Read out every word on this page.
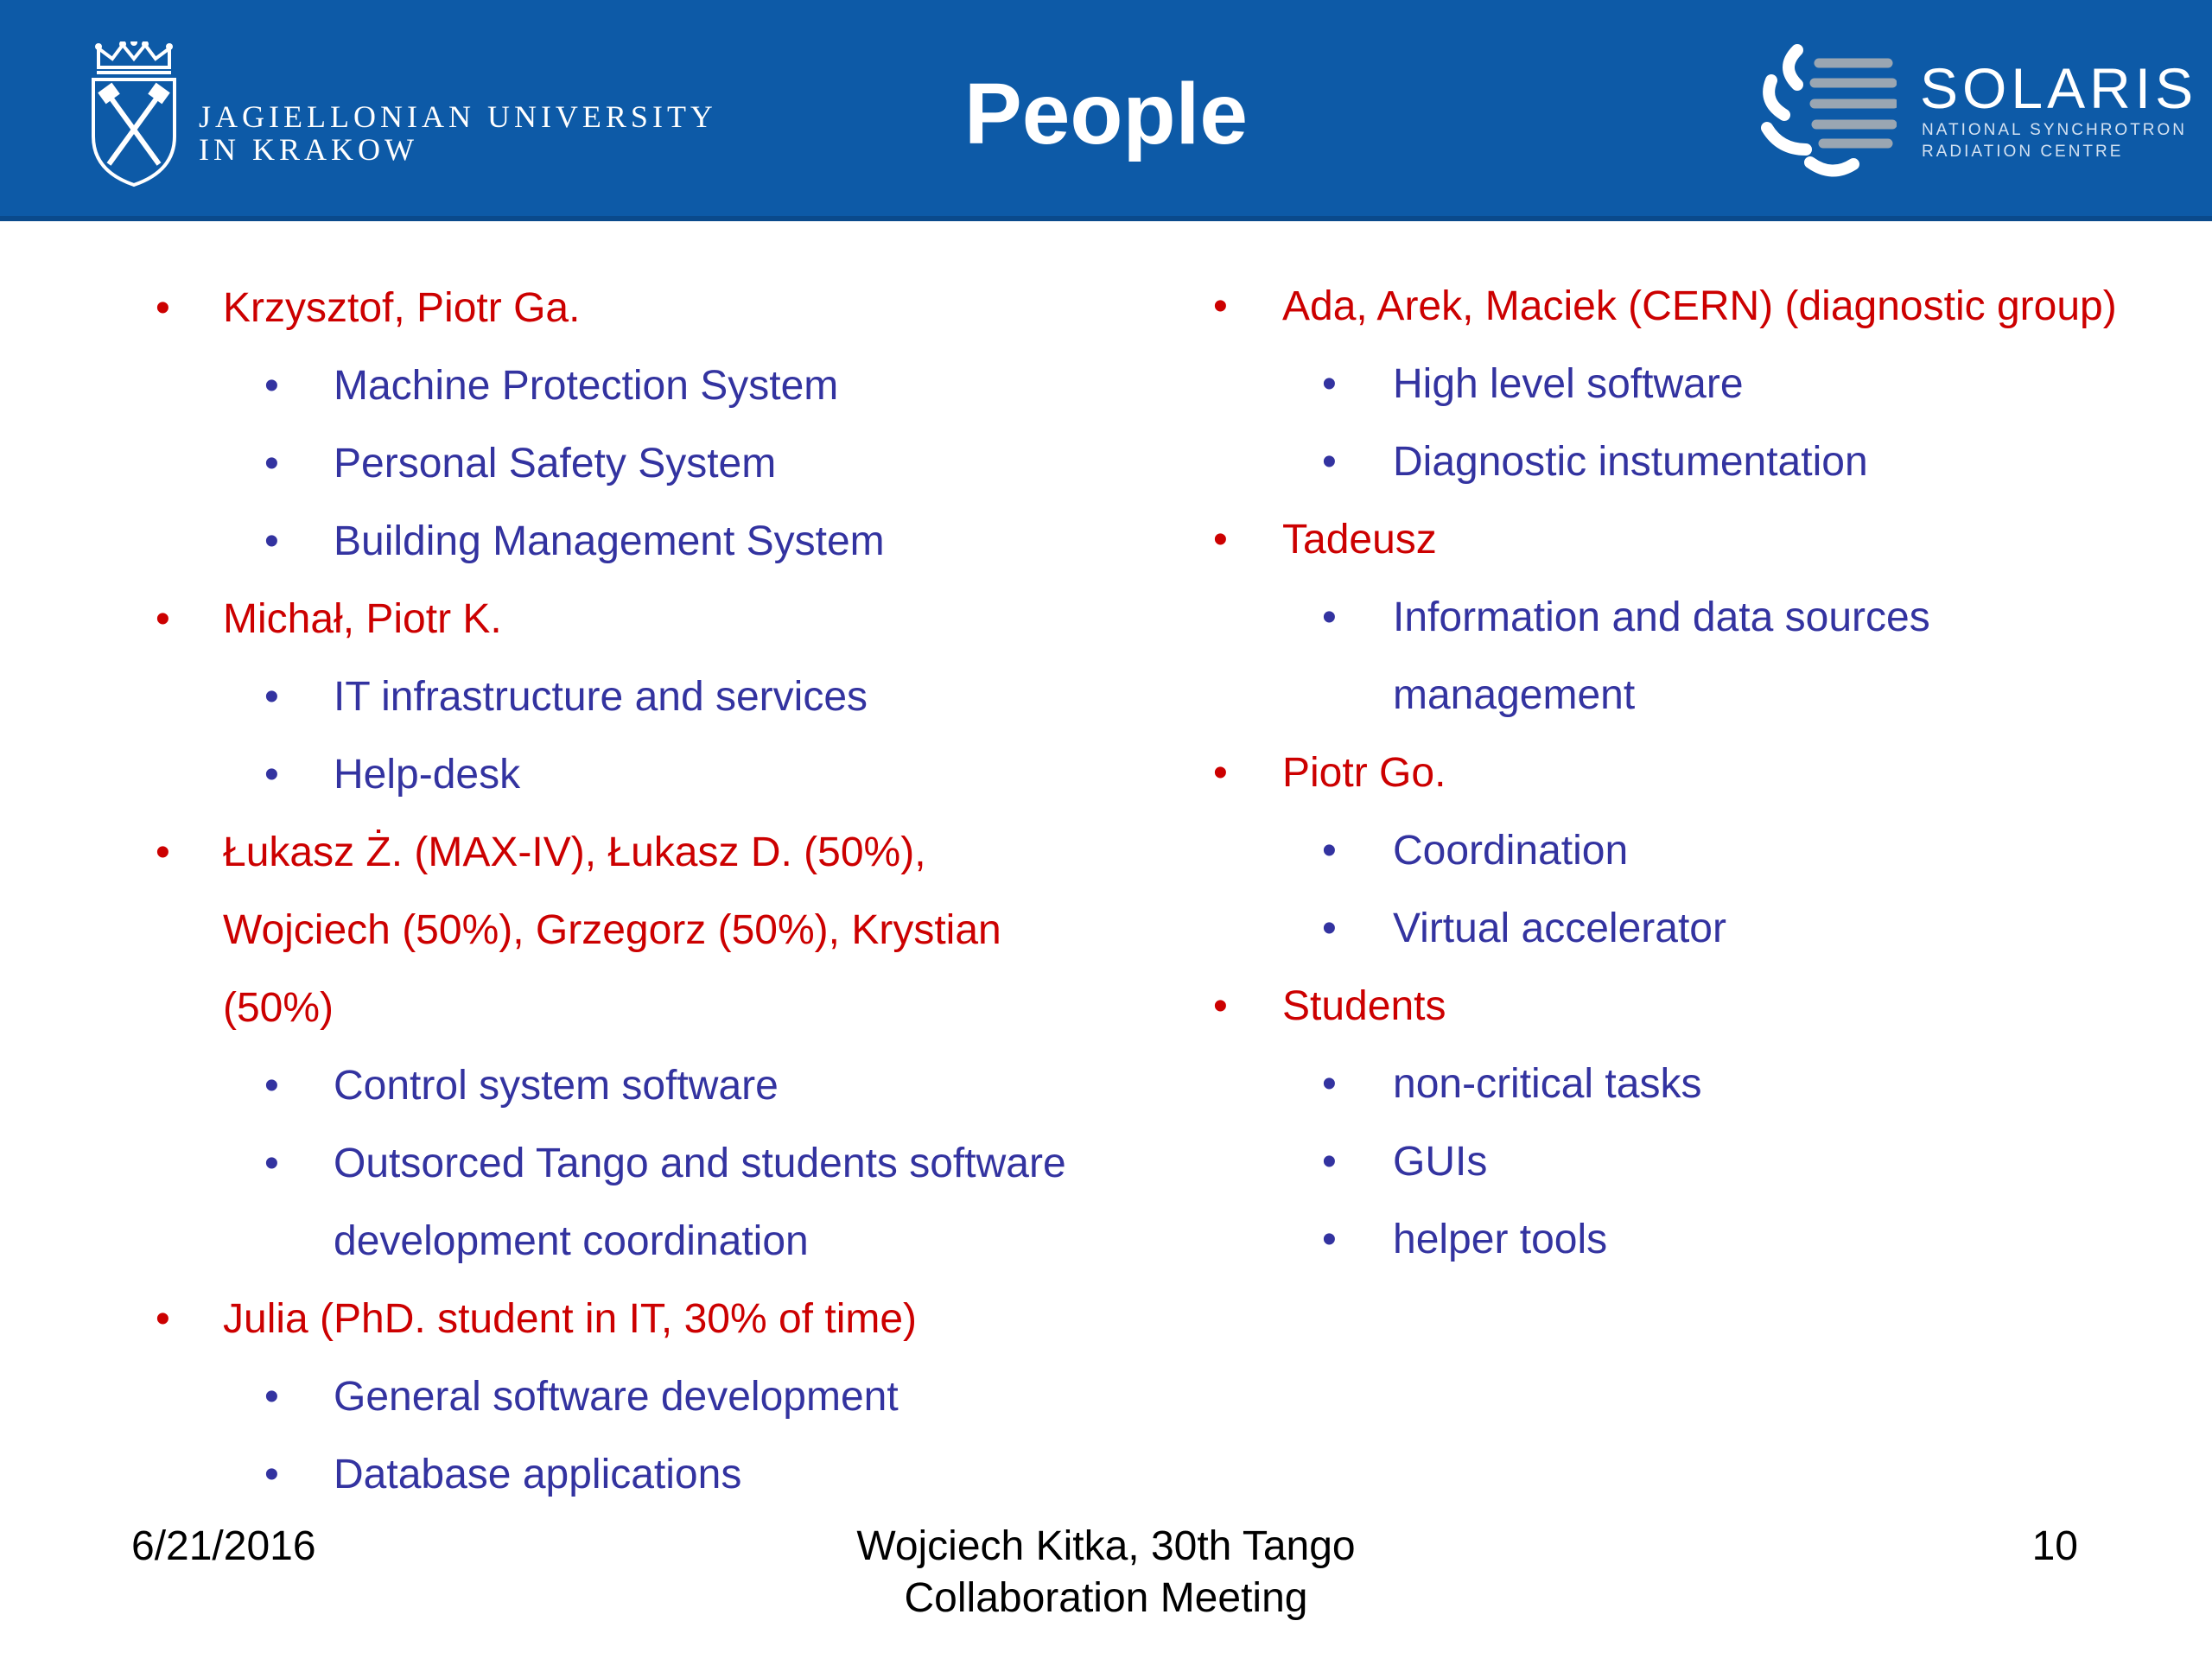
JAGIELLONIAN UNIVERSITY
IN KRAKOW	People	SOLARIS
NATIONAL SYNCHROTRON
RADIATION CENTRE
• Krzysztof, Piotr Ga.
• Machine Protection System
• Personal Safety System
• Building Management System
• Michał, Piotr K.
• IT infrastructure and services
• Help-desk
• Łukasz Ż. (MAX-IV), Łukasz D. (50%),
Wojciech (50%), Grzegorz (50%), Krystian
(50%)
• Control system software
• Outsorced Tango and students software
development coordination
• Julia (PhD. student in IT, 30% of time)
• General software development
• Database applications
• Ada, Arek, Maciek (CERN) (diagnostic group)
• High level software
• Diagnostic instumentation
• Tadeusz
• Information and data sources
management
• Piotr Go.
• Coordination
• Virtual accelerator
• Students
• non-critical tasks
• GUIs
• helper tools
6/21/2016	Wojciech Kitka, 30th Tango
Collaboration Meeting
10
